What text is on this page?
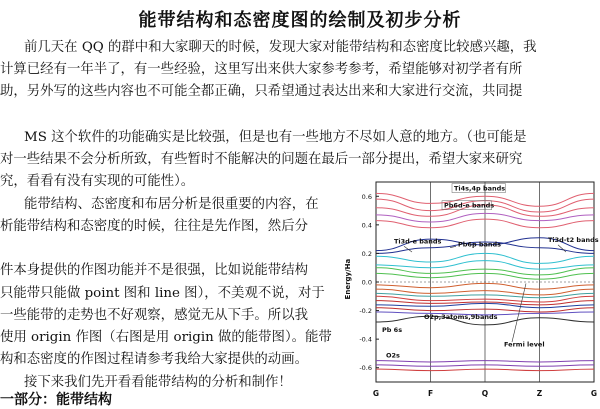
能带结构和态密度图的绘制及初步分析
前几天在 QQ 的群中和大家聊天的时候，发现大家对能带结构和态密度比较感兴趣，我
计算已经有一年半了，有一些经验，这里写出来供大家参考参考，希望能够对初学者有所
助，另外写的这些内容也不可能全都正确，只希望通过表达出来和大家进行交流，共同提
MS 这个软件的功能确实是比较强，但是也有一些地方不尽如人意的地方。（也可能是
对一些结果不会分析所致，有些暂时不能解决的问题在最后一部分提出，希望大家来研究
究，看看有没有实现的可能性）。
能带结构、态密度和布居分析是很重要的内容，在
析能带结构和态密度的时候，往往是先作图，然后分
件本身提供的作图功能并不是很强，比如说能带结构
只能带只能做 point 图和 line 图），不美观不说，对于
一些能带的走势也不好观察，感觉无从下手。所以我
使用 origin 作图（右图是用 origin 做的能带图）。能带
构和态密度的作图过程请参考我给大家提供的动画。
接下来我们先开看看能带结构的分析和制作！
一部分：能带结构
Ti4s,4p bands
Pb6d-e bands
Ti3d-e bands	Pb6p bands
Ti3d-t2 bands
O2p,3atoms,9bands
Fermi level
Pb 6s
O2s
0.6
0.4
0.2
0.0
-0.2
-0.4
-0.6
G	F	Q	Z	G
Energy/Ha
